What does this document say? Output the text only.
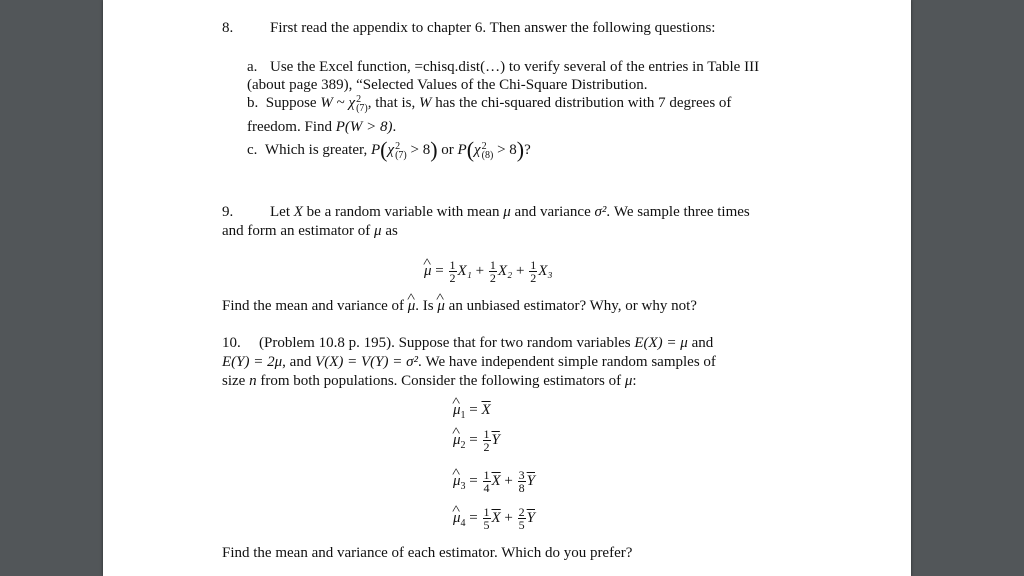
8. First read the appendix to chapter 6. Then answer the following questions:
a. Use the Excel function, =chisq.dist(…) to verify several of the entries in Table III
(about page 389), “Selected Values of the Chi-Square Distribution.
b. Suppose W ~ χ 2
(7) , that is, W has the chi-squared distribution with 7 degrees of
freedom. Find P(W > 8).
c. Which is greater, P(χ 2
(7) > 8) or P(χ 2
(8) > 8)?
9. Let X be a random variable with mean μ and variance σ². We sample three times
and form an estimator of μ as
^ $\mu = \frac{1}{2} X_1 + \frac{1}{2} X_2 + \frac{1}{2} X_3$
Find the mean and variance of ^ μ. Is ^ μ an unbiased estimator? Why, or why not?
10. (Problem 10.8 p. 195). Suppose that for two random variables E(X) = μ and
E(Y) = 2μ, and V(X) = V(Y) = σ². We have independent simple random samples of
size n from both populations. Consider the following estimators of μ:
^ $\mu_1 = \overline{X}$
^ $\mu_2 = \frac{1}{2} \overline{Y}$
^ $\mu_3 = \frac{1}{4} \overline{X} + \frac{3}{8} \overline{Y}$
^ $\mu_4 = \frac{1}{5} \overline{X} + \frac{2}{5} \overline{Y}$
Find the mean and variance of each estimator. Which do you prefer?
